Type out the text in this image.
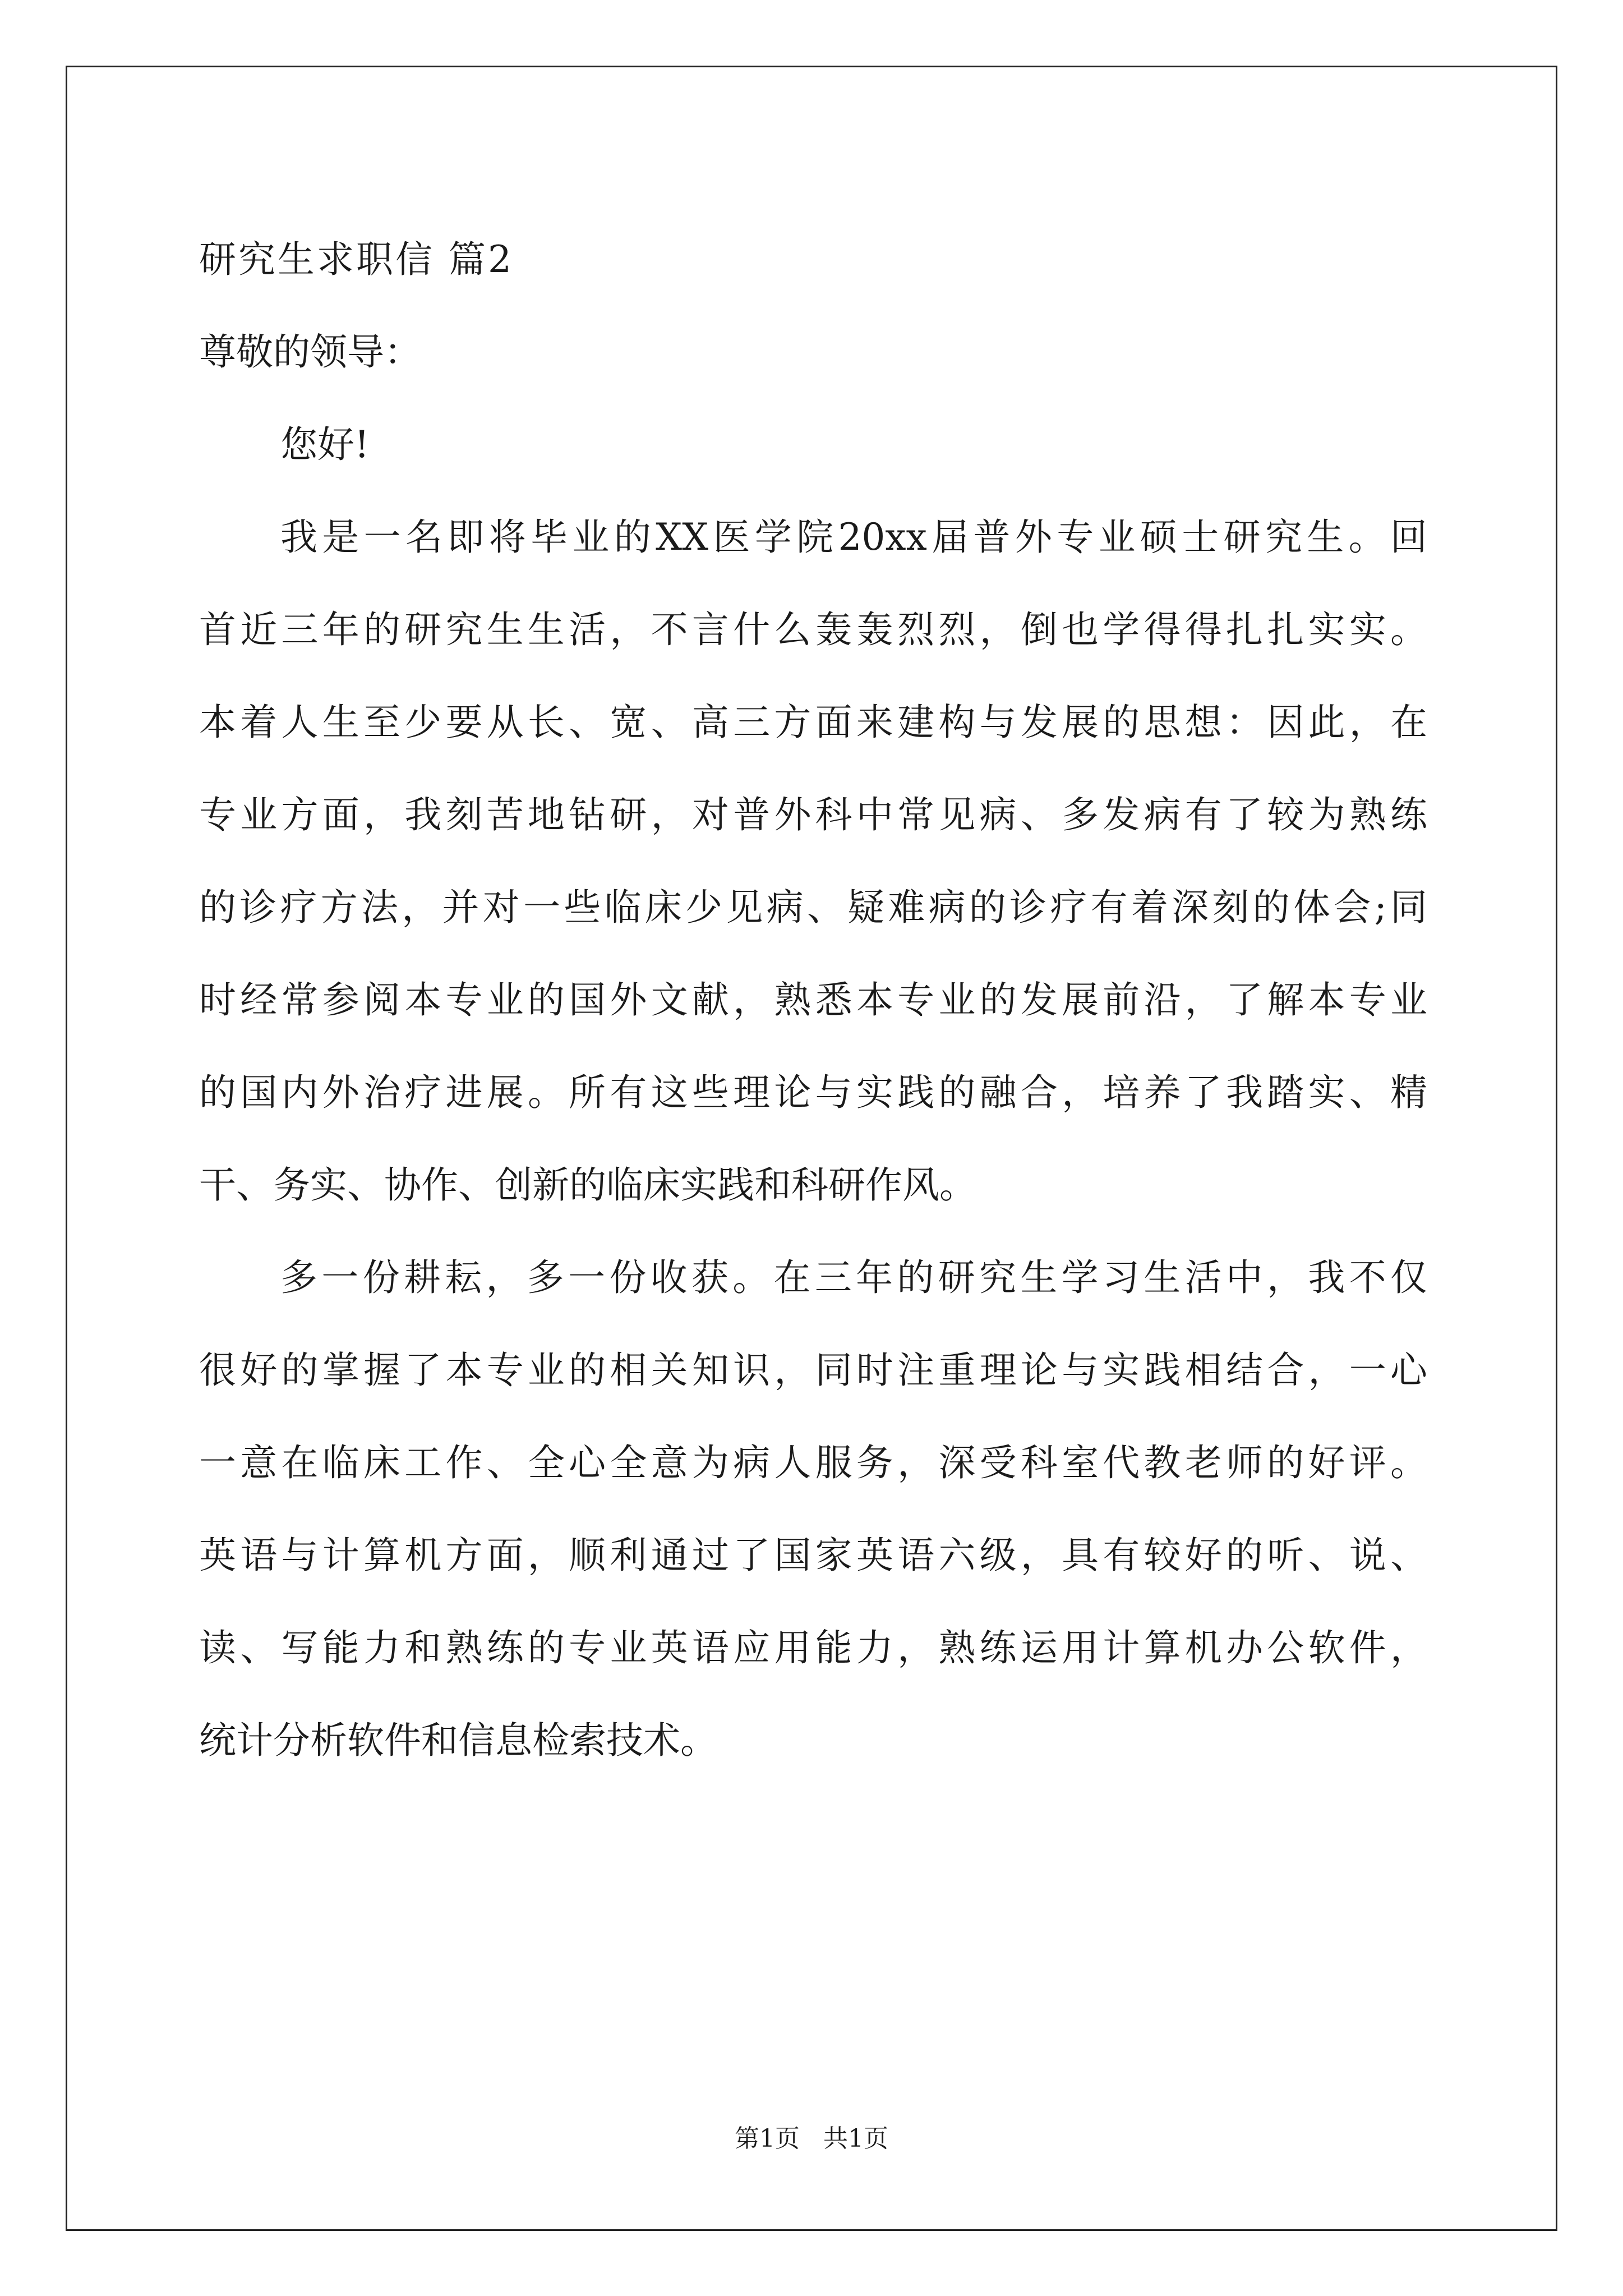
研究生求职信 篇2
尊敬的领导：
您好!
我是一名即将毕业的XX医学院20xx届普外专业硕士研究生。回
首近三年的研究生生活，不言什么轰轰烈烈，倒也学得得扎扎实实。
本着人生至少要从长、宽、高三方面来建构与发展的思想：因此，在
专业方面，我刻苦地钻研，对普外科中常见病、多发病有了较为熟练
的诊疗方法，并对一些临床少见病、疑难病的诊疗有着深刻的体会;同
时经常参阅本专业的国外文献，熟悉本专业的发展前沿，了解本专业
的国内外治疗进展。所有这些理论与实践的融合，培养了我踏实、精
干、务实、协作、创新的临床实践和科研作风。
多一份耕耘，多一份收获。在三年的研究生学习生活中，我不仅
很好的掌握了本专业的相关知识，同时注重理论与实践相结合，一心
一意在临床工作、全心全意为病人服务，深受科室代教老师的好评。
英语与计算机方面，顺利通过了国家英语六级，具有较好的听、说、
读、写能力和熟练的专业英语应用能力，熟练运用计算机办公软件，
统计分析软件和信息检索技术。
第1页   共1页
